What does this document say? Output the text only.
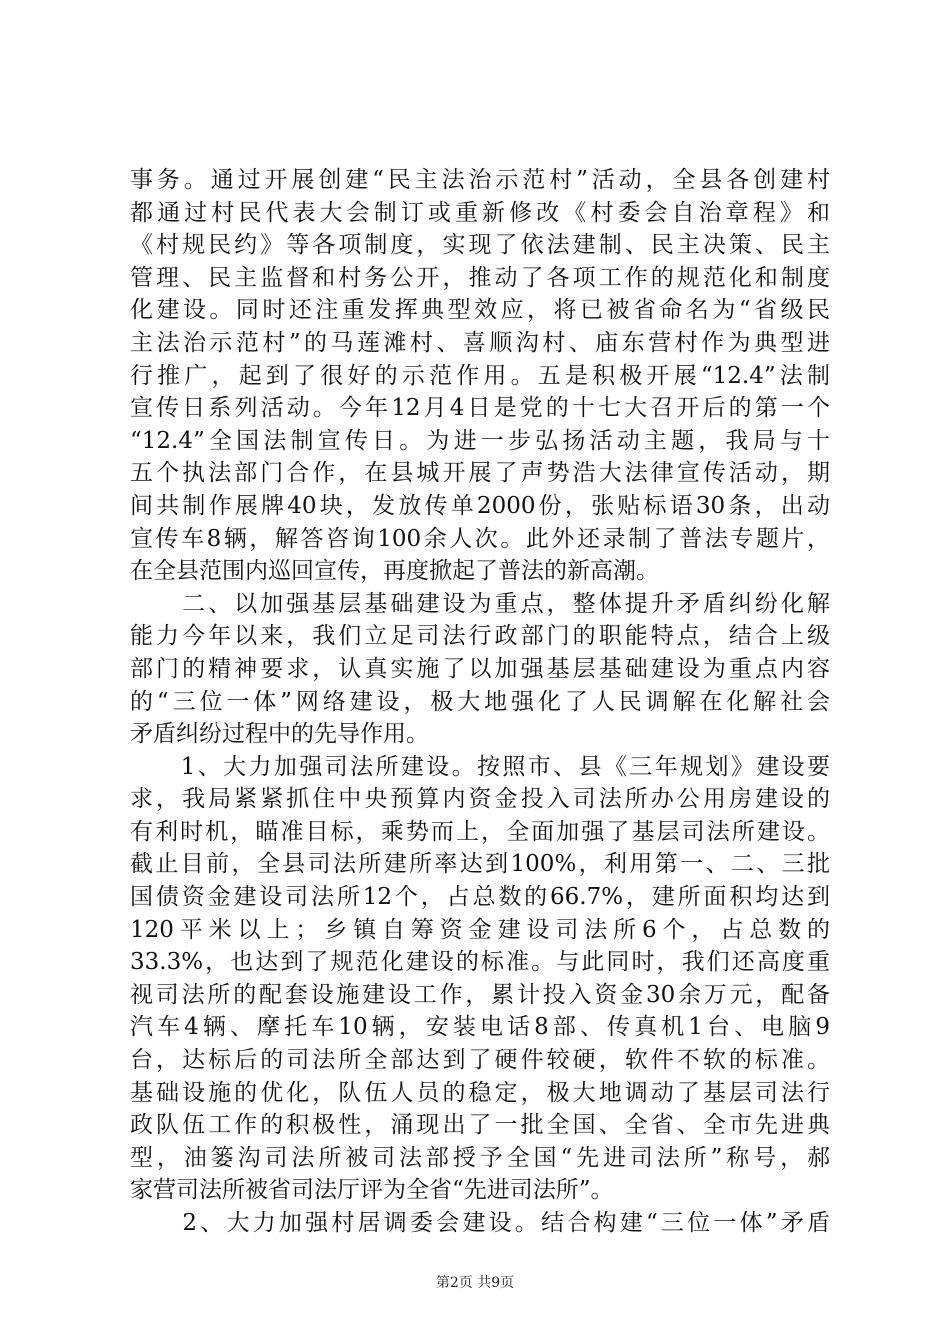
事务。通过开展创建“民主法治示范村”活动，全县各创建村
都通过村民代表大会制订或重新修改《村委会自治章程》和
《村规民约》等各项制度，实现了依法建制、民主决策、民主
管理、民主监督和村务公开，推动了各项工作的规范化和制度
化建设。同时还注重发挥典型效应，将已被省命名为“省级民
主法治示范村”的马莲滩村、喜顺沟村、庙东营村作为典型进
行推广，起到了很好的示范作用。五是积极开展“12.4”法制
宣传日系列活动。今年12月4日是党的十七大召开后的第一个
“12.4”全国法制宣传日。为进一步弘扬活动主题，我局与十
五个执法部门合作，在县城开展了声势浩大法律宣传活动，期
间共制作展牌40块，发放传单2000份，张贴标语30条，出动
宣传车8辆，解答咨询100余人次。此外还录制了普法专题片，
在全县范围内巡回宣传，再度掀起了普法的新高潮。
　　二、以加强基层基础建设为重点，整体提升矛盾纠纷化解
能力今年以来，我们立足司法行政部门的职能特点，结合上级
部门的精神要求，认真实施了以加强基层基础建设为重点内容
的“三位一体”网络建设，极大地强化了人民调解在化解社会
矛盾纠纷过程中的先导作用。
　　1、大力加强司法所建设。按照市、县《三年规划》建设要
求，我局紧紧抓住中央预算内资金投入司法所办公用房建设的
有利时机，瞄准目标，乘势而上，全面加强了基层司法所建设。
截止目前，全县司法所建所率达到100%，利用第一、二、三批
国债资金建设司法所12个，占总数的66.7%，建所面积均达到
120平米以上；乡镇自筹资金建设司法所6个，占总数的
33.3%，也达到了规范化建设的标准。与此同时，我们还高度重
视司法所的配套设施建设工作，累计投入资金30余万元，配备
汽车4辆、摩托车10辆，安装电话8部、传真机1台、电脑9
台，达标后的司法所全部达到了硬件较硬，软件不软的标准。
基础设施的优化，队伍人员的稳定，极大地调动了基层司法行
政队伍工作的积极性，涌现出了一批全国、全省、全市先进典
型，油篓沟司法所被司法部授予全国“先进司法所”称号，郝
家营司法所被省司法厅评为全省“先进司法所”。
　　2、大力加强村居调委会建设。结合构建“三位一体”矛盾
第2页 共9页
